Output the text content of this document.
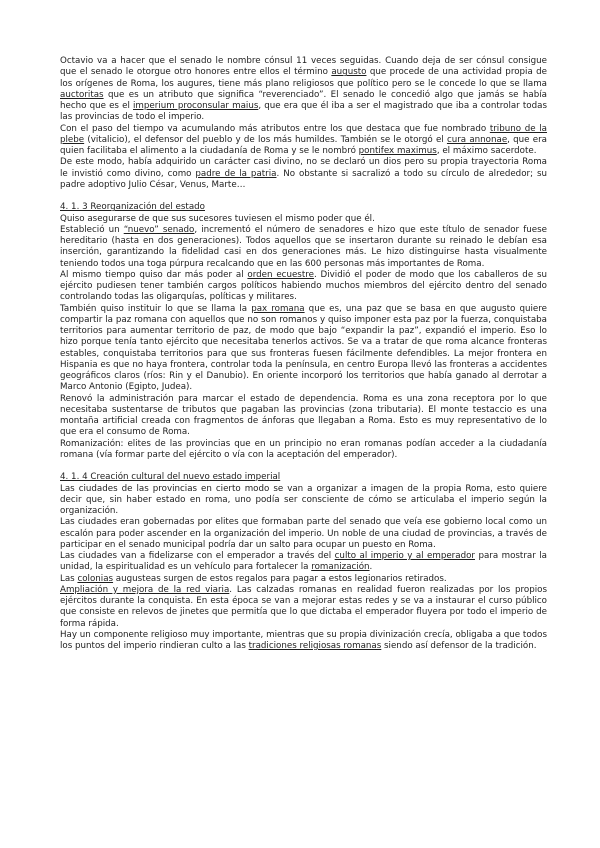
Octavio va a hacer que el senado le nombre cónsul 11 veces seguidas. Cuando deja de ser cónsul consigue que el senado le otorgue otro honores entre ellos el término augusto que procede de una actividad propia de los orígenes de Roma, los augures, tiene más plano religiosos que político pero se le concede lo que se llama auctoritas que es un atributo que significa “reverenciado”. El senado le concedió algo que jamás se había hecho que es el imperium proconsular maius, que era que él iba a ser el magistrado que iba a controlar todas las provincias de todo el imperio.

Con el paso del tiempo va acumulando más atributos entre los que destaca que fue nombrado tribuno de la plebe (vitalicio), el defensor del pueblo y de los más humildes. También se le otorgó el cura annonae, que era quien facilitaba el alimento a la ciudadanía de Roma y se le nombró pontifex maximus, el máximo sacerdote.

De este modo, había adquirido un carácter casi divino, no se declaró un dios pero su propia trayectoria Roma le invistió como divino, como padre de la patria. No obstante si sacralizó a todo su círculo de alrededor; su padre adoptivo Julio César, Venus, Marte…

4. 1. 3 Reorganización del estado

Quiso asegurarse de que sus sucesores tuviesen el mismo poder que él.

Estableció un “nuevo” senado, incrementó el número de senadores e hizo que este título de senador fuese hereditario (hasta en dos generaciones). Todos aquellos que se insertaron durante su reinado le debían esa inserción, garantizando la fidelidad casi en dos generaciones más. Le hizo distinguirse hasta visualmente teniendo todos una toga púrpura recalcando que en las 600 personas más importantes de Roma.

Al mismo tiempo quiso dar más poder al orden ecuestre. Dividió el poder de modo que los caballeros de su ejército pudiesen tener también cargos políticos habiendo muchos miembros del ejército dentro del senado controlando todas las oligarquías, políticas y militares.

También quiso instituir lo que se llama la pax romana que es, una paz que se basa en que augusto quiere compartir la paz romana con aquellos que no son romanos y quiso imponer esta paz por la fuerza, conquistaba territorios para aumentar territorio de paz, de modo que bajo “expandir la paz”, expandió el imperio. Eso lo hizo porque tenía tanto ejército que necesitaba tenerlos activos. Se va a tratar de que roma alcance fronteras estables, conquistaba territorios para que sus fronteras fuesen fácilmente defendibles. La mejor frontera en Hispania es que no haya frontera, controlar toda la península, en centro Europa llevó las fronteras a accidentes geográficos claros (ríos: Rin y el Danubio). En oriente incorporó los territorios que había ganado al derrotar a Marco Antonio (Egipto, Judea).

Renovó la administración para marcar el estado de dependencia. Roma es una zona receptora por lo que necesitaba sustentarse de tributos que pagaban las provincias (zona tributaria). El monte testaccio es una montaña artificial creada con fragmentos de ánforas que llegaban a Roma. Esto es muy representativo de lo que era el consumo de Roma.

Romanización: elites de las provincias que en un principio no eran romanas podían acceder a la ciudadanía romana (vía formar parte del ejército o vía con la aceptación del emperador).

4. 1. 4 Creación cultural del nuevo estado imperial

Las ciudades de las provincias en cierto modo se van a organizar a imagen de la propia Roma, esto quiere decir que, sin haber estado en roma, uno podía ser consciente de cómo se articulaba el imperio según la organización.

Las ciudades eran gobernadas por elites que formaban parte del senado que veía ese gobierno local como un escalón para poder ascender en la organización del imperio. Un noble de una ciudad de provincias, a través de participar en el senado municipal podría dar un salto para ocupar un puesto en Roma.

Las ciudades van a fidelizarse con el emperador a través del culto al imperio y al emperador para mostrar la unidad, la espiritualidad es un vehículo para fortalecer la romanización.

Las colonias augusteas surgen de estos regalos para pagar a estos legionarios retirados.

Ampliación y mejora de la red viaria. Las calzadas romanas en realidad fueron realizadas por los propios ejércitos durante la conquista. En esta época se van a mejorar estas redes y se va a instaurar el curso público que consiste en relevos de jinetes que permitía que lo que dictaba el emperador fluyera por todo el imperio de forma rápida.

Hay un componente religioso muy importante, mientras que su propia divinización crecía, obligaba a que todos los puntos del imperio rindieran culto a las tradiciones religiosas romanas siendo así defensor de la tradición.
